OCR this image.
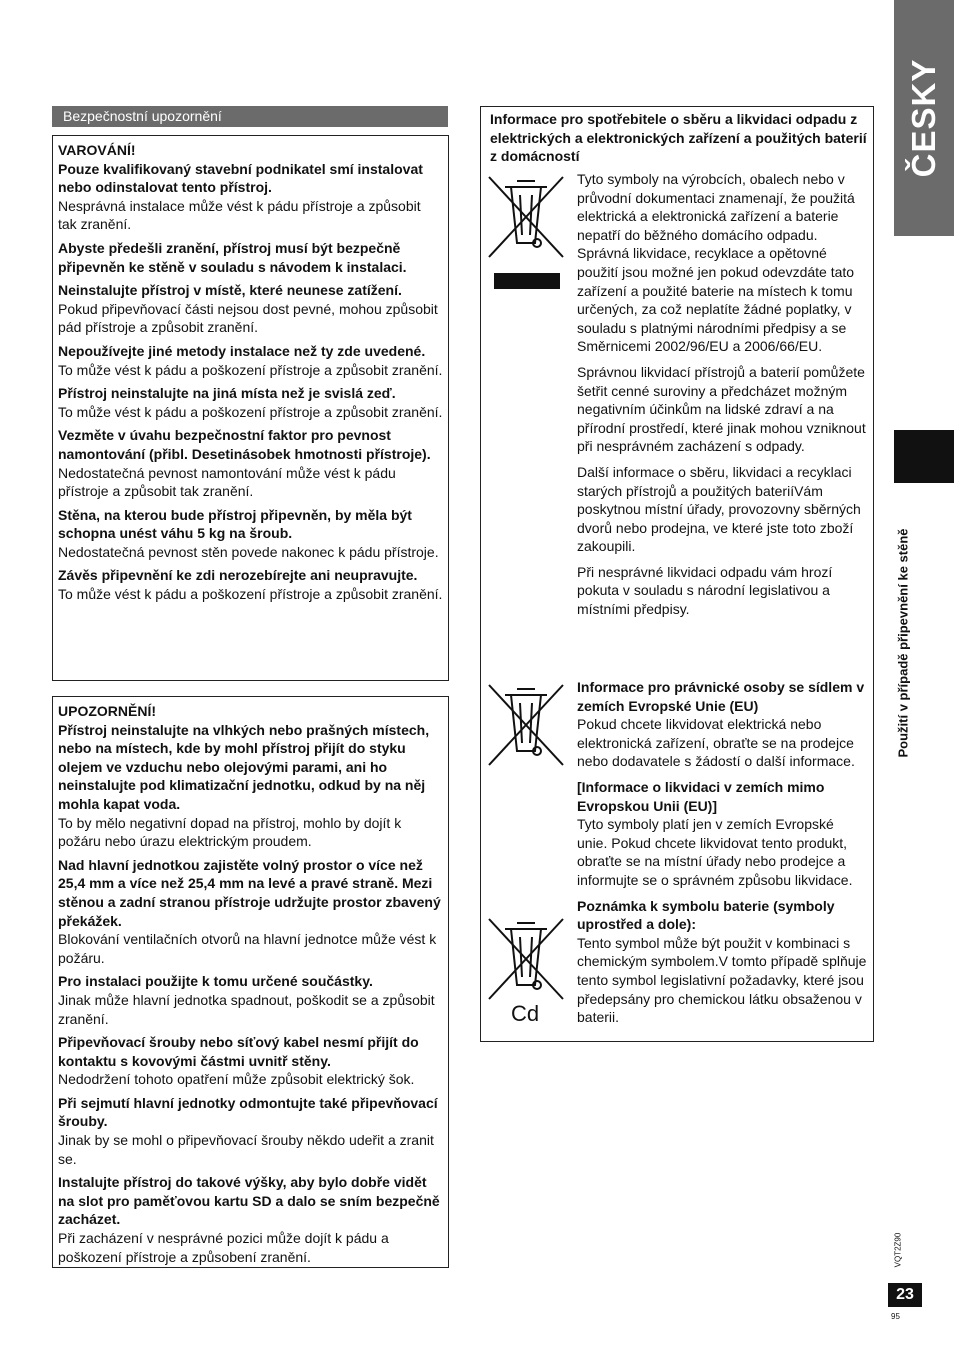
ČESKY
Použití v případě připevnění ke stěně
VQT2Z90
23
95
Bezpečnostní upozornění
VAROVÁNÍ!
Pouze kvalifikovaný stavební podnikatel smí instalovat nebo odinstalovat tento přístroj.
Nesprávná instalace může vést k pádu přístroje a způsobit tak zranění.
Abyste předešli zranění, přístroj musí být bezpečně připevněn ke stěně v souladu s návodem k instalaci.
Neinstalujte přístroj v místě, které neunese zatížení.
Pokud připevňovací části nejsou dost pevné, mohou způsobit pád přístroje a způsobit zranění.
Nepoužívejte jiné metody instalace než ty zde uvedené.
To může vést k pádu a poškození přístroje a způsobit zranění.
Přístroj neinstalujte na jiná místa než je svislá zeď.
To může vést k pádu a poškození přístroje a způsobit zranění.
Vezměte v úvahu bezpečnostní faktor pro pevnost namontování (přibl. Desetinásobek hmotnosti přístroje).
Nedostatečná pevnost namontování může vést k pádu přístroje a způsobit tak zranění.
Stěna, na kterou bude přístroj připevněn, by měla být schopna unést váhu 5 kg na šroub.
Nedostatečná pevnost stěn povede nakonec k pádu přístroje.
Závěs připevnění ke zdi nerozebírejte ani neupravujte.
To může vést k pádu a poškození přístroje a způsobit zranění.
UPOZORNĚNÍ!
Přístroj neinstalujte na vlhkých nebo prašných místech, nebo na místech, kde by mohl přístroj přijít do styku olejem ve vzduchu nebo olejovými parami, ani ho neinstalujte pod klimatizační jednotku, odkud by na něj mohla kapat voda.
To by mělo negativní dopad na přístroj, mohlo by dojít k požáru nebo úrazu elektrickým proudem.
Nad hlavní jednotkou zajistěte volný prostor o více než 25,4 mm a více než 25,4 mm na levé a pravé straně. Mezi stěnou a zadní stranou přístroje udržujte prostor zbavený překážek.
Blokování ventilačních otvorů na hlavní jednotce může vést k požáru.
Pro instalaci použijte k tomu určené součástky.
Jinak může hlavní jednotka spadnout, poškodit se a způsobit zranění.
Připevňovací šrouby nebo síťový kabel nesmí přijít do kontaktu s kovovými částmi uvnitř stěny.
Nedodržení tohoto opatření může způsobit elektrický šok.
Při sejmutí hlavní jednotky odmontujte také připevňovací šrouby.
Jinak by se mohl o připevňovací šrouby někdo udeřit a zranit se.
Instalujte přístroj do takové výšky, aby bylo dobře vidět na slot pro paměťovou kartu SD a dalo se sním bezpečně zacházet.
Při zacházení v nesprávné pozici může dojít k pádu a poškození přístroje a způsobení zranění.
Informace pro spotřebitele o sběru a likvidaci odpadu z elektrických a elektronických zařízení a použitých baterií z domácností

Tyto symboly na výrobcích, obalech nebo v průvodní dokumentaci znamenají, že použitá elektrická a elektronická zařízení a baterie nepatří do běžného domácího odpadu.

Správná likvidace, recyklace a opětovné použití jsou možné jen pokud odevzdáte tato zařízení a použité baterie na místech k tomu určených, za což neplatíte žádné poplatky, v souladu s platnými národními předpisy a se Směrnicemi 2002/96/EU a 2006/66/EU.

Správnou likvidací přístrojů a baterií pomůžete šetřit cenné suroviny a předcházet možným negativním účinkům na lidské zdraví a na přírodní prostředí, které jinak mohou vzniknout při nesprávném zacházení s odpady.

Další informace o sběru, likvidaci a recyklaci starých přístrojů a použitých bateriíVám poskytnou místní úřady, provozovny sběrných dvorů nebo prodejna, ve které jste toto zboží zakoupili.

Při nesprávné likvidaci odpadu vám hrozí pokuta v souladu s národní legislativou a místními předpisy.

Informace pro právnické osoby se sídlem v zemích Evropské Unie (EU)
Pokud chcete likvidovat elektrická nebo elektronická zařízení, obraťte se na prodejce nebo dodavatele s žádostí o další informace.

[Informace o likvidaci v zemích mimo Evropskou Unii (EU)]
Tyto symboly platí jen v zemích Evropské unie. Pokud chcete likvidovat tento produkt, obraťte se na místní úřady nebo prodejce a informujte se o správném způsobu likvidace.

Poznámka k symbolu baterie (symboly uprostřed a dole):
Tento symbol může být použit v kombinaci s chemickým symbolem.V tomto případě splňuje tento symbol legislativní požadavky, které jsou předepsány pro chemickou látku obsaženou v baterii.

Cd
